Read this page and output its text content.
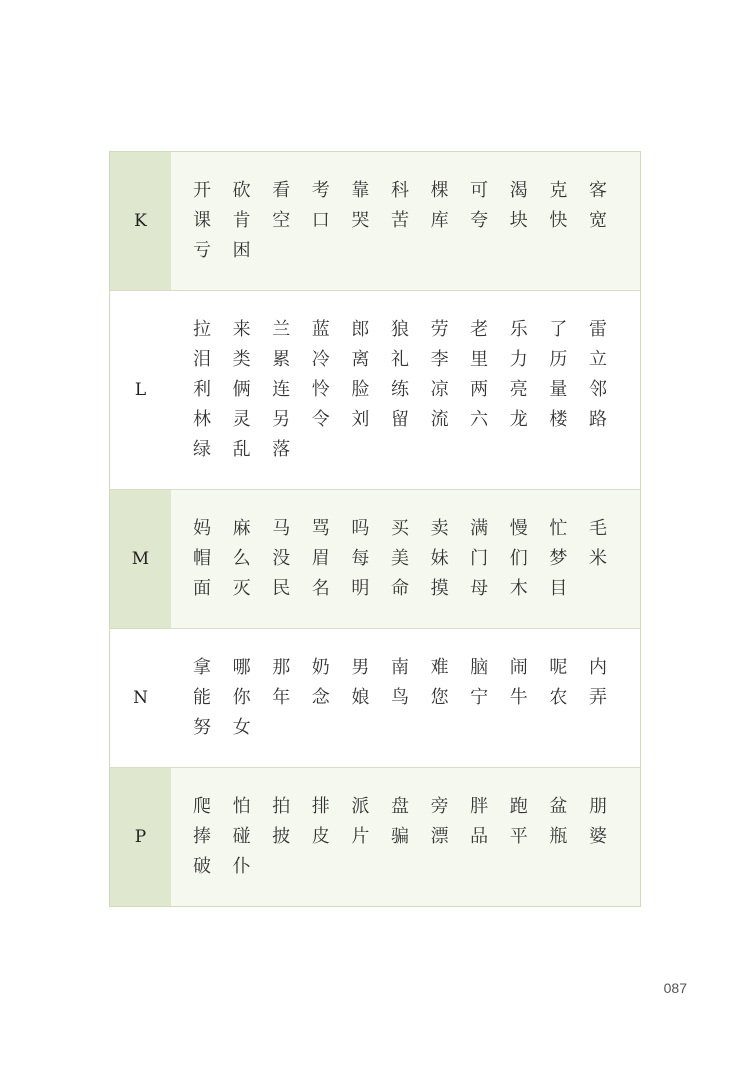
K
开	砍	看	考	靠	科	棵	可	渴	克	客
课	肯	空	口	哭	苦	库	夸	块	快	宽
亏	困
L
拉	来	兰	蓝	郎	狼	劳	老	乐	了	雷
泪	类	累	冷	离	礼	李	里	力	历	立
利	俩	连	怜	脸	练	凉	两	亮	量	邻
林	灵	另	令	刘	留	流	六	龙	楼	路
绿	乱	落
M
妈	麻	马	骂	吗	买	卖	满	慢	忙	毛
帽	么	没	眉	每	美	妹	门	们	梦	米
面	灭	民	名	明	命	摸	母	木	目
N
拿	哪	那	奶	男	南	难	脑	闹	呢	内
能	你	年	念	娘	鸟	您	宁	牛	农	弄
努	女
P
爬	怕	拍	排	派	盘	旁	胖	跑	盆	朋
捧	碰	披	皮	片	骗	漂	品	平	瓶	婆
破	仆
087
